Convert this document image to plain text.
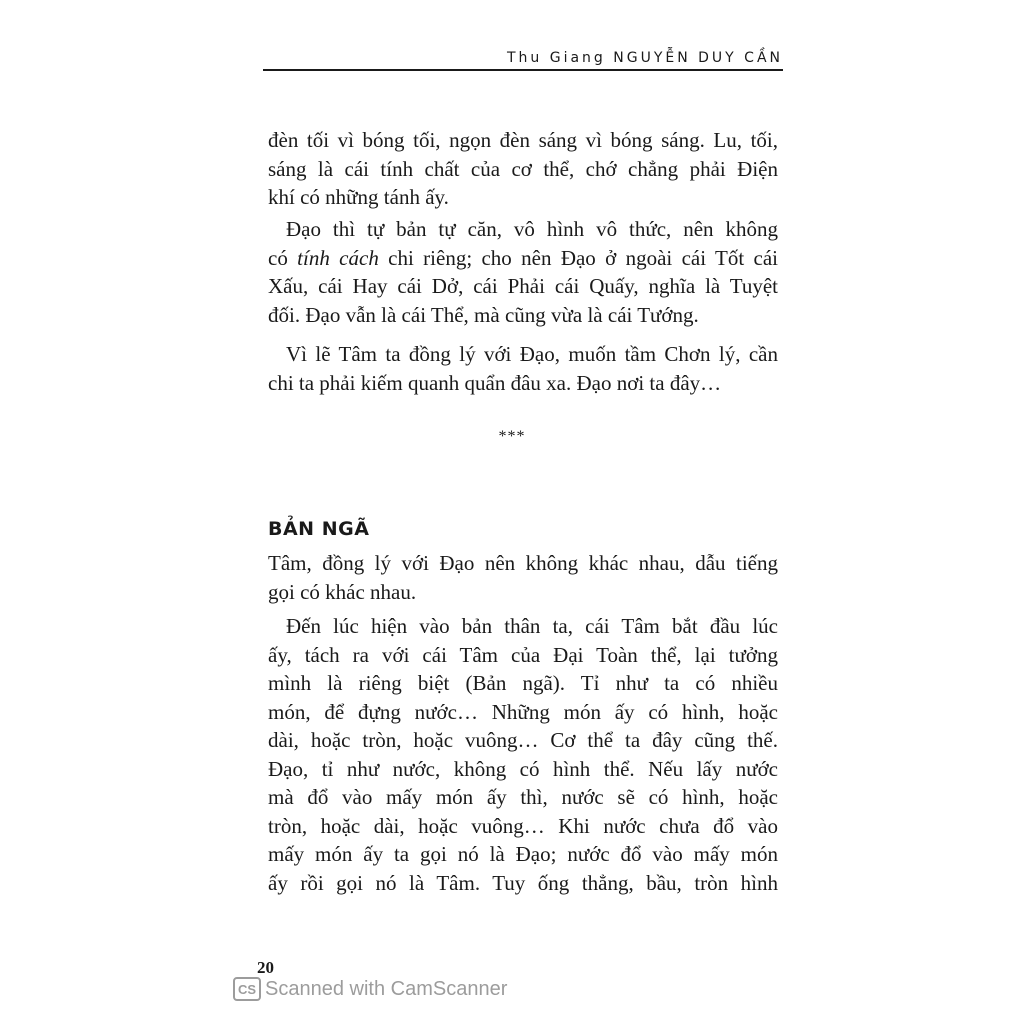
Thu Giang NGUYỄN DUY CẦN
đèn tối vì bóng tối, ngọn đèn sáng vì bóng sáng. Lu, tối,
sáng là cái tính chất của cơ thể, chớ chẳng phải Điện
khí có những tánh ấy.
Đạo thì tự bản tự căn, vô hình vô thức, nên không
có tính cách chi riêng; cho nên Đạo ở ngoài cái Tốt cái
Xấu, cái Hay cái Dở, cái Phải cái Quấy, nghĩa là Tuyệt
đối. Đạo vẫn là cái Thể, mà cũng vừa là cái Tướng.
Vì lẽ Tâm ta đồng lý với Đạo, muốn tầm Chơn lý, cần
chi ta phải kiếm quanh quẩn đâu xa. Đạo nơi ta đây…
***
BẢN NGÃ
Tâm, đồng lý với Đạo nên không khác nhau, dẫu tiếng
gọi có khác nhau.
Đến lúc hiện vào bản thân ta, cái Tâm bắt đầu lúc
ấy, tách ra với cái Tâm của Đại Toàn thể, lại tưởng
mình là riêng biệt (Bản ngã). Tỉ như ta có nhiều
món, để đựng nước… Những món ấy có hình, hoặc
dài, hoặc tròn, hoặc vuông… Cơ thể ta đây cũng thế.
Đạo, tỉ như nước, không có hình thể. Nếu lấy nước
mà đổ vào mấy món ấy thì, nước sẽ có hình, hoặc
tròn, hoặc dài, hoặc vuông… Khi nước chưa đổ vào
mấy món ấy ta gọi nó là Đạo; nước đổ vào mấy món
ấy rồi gọi nó là Tâm. Tuy ống thẳng, bầu, tròn hình
20
CS Scanned with CamScanner
